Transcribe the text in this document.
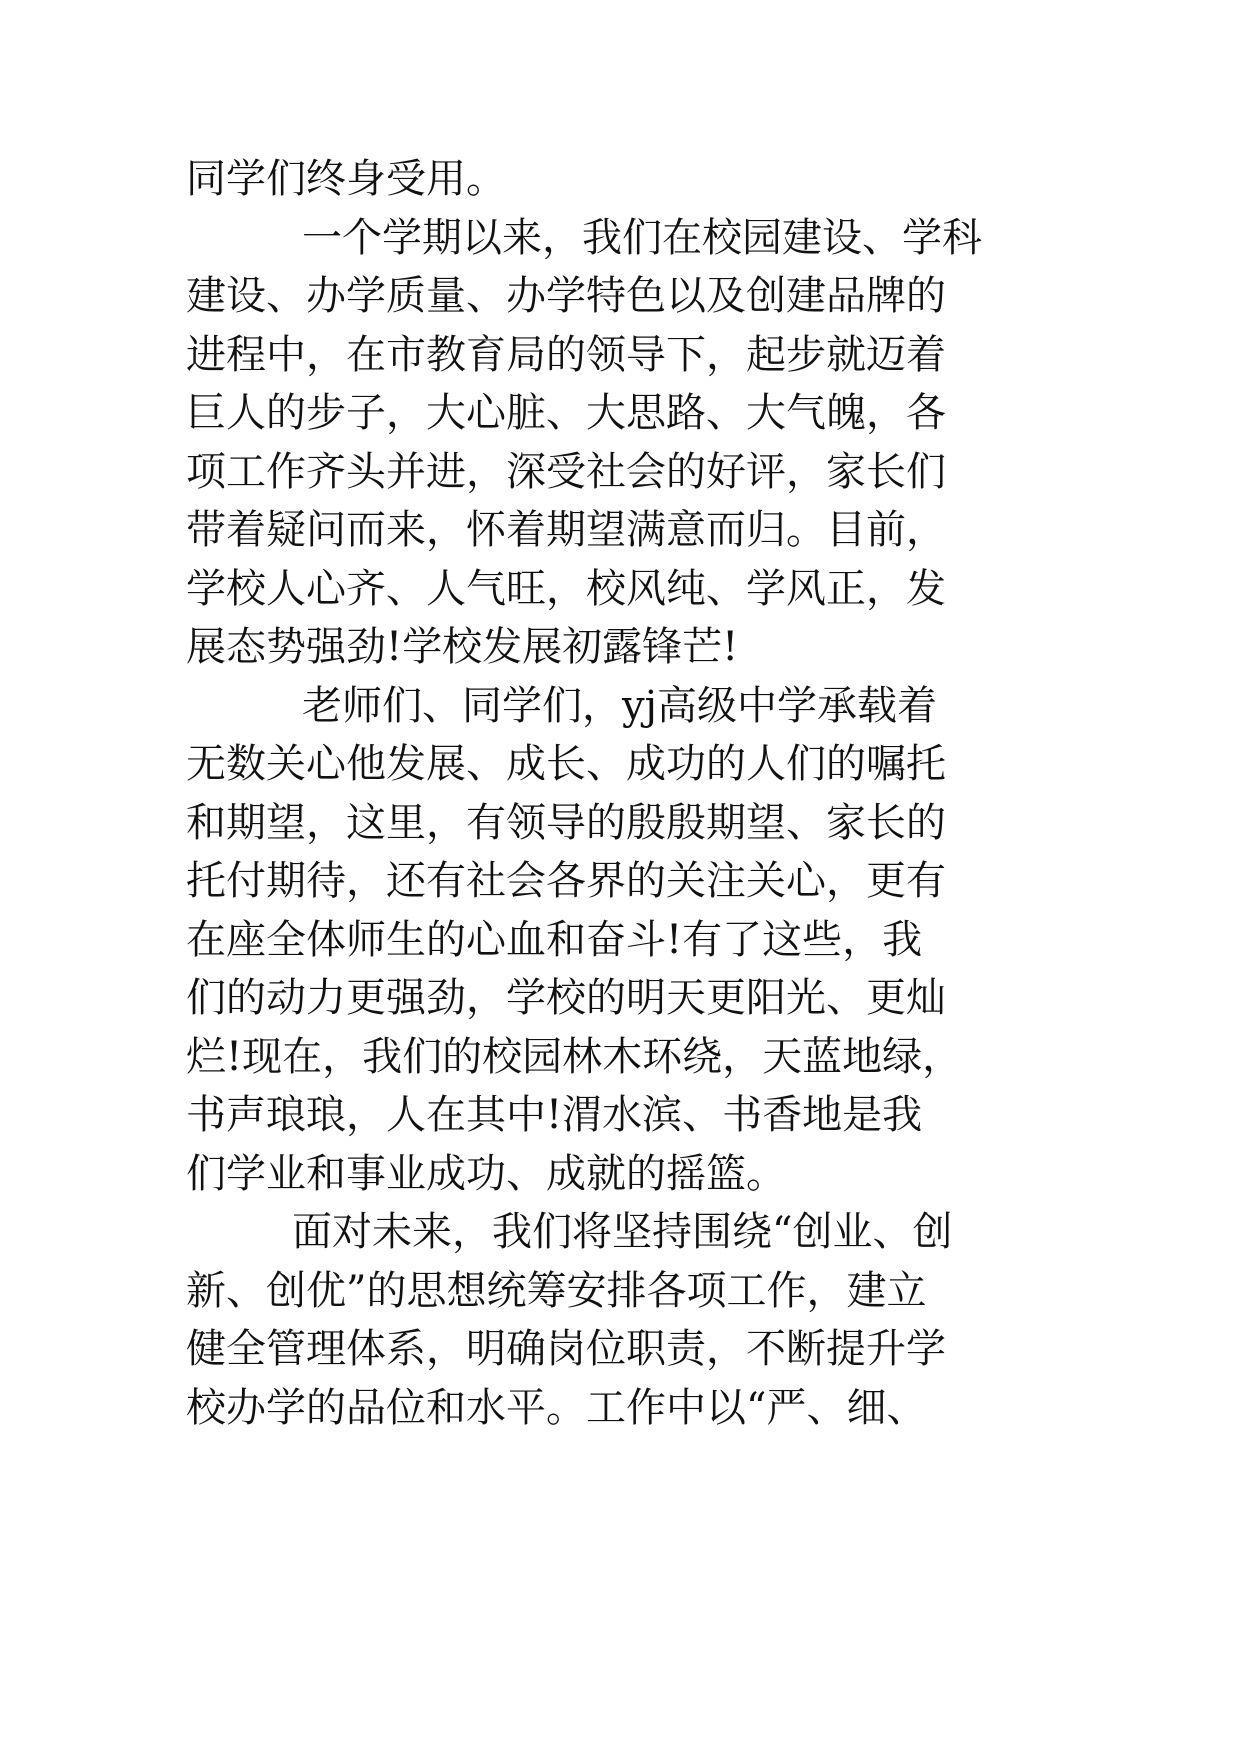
同学们终身受用。
一个学期以来，我们在校园建设、学科
建设、办学质量、办学特色以及创建品牌的
进程中，在市教育局的领导下，起步就迈着
巨人的步子，大心脏、大思路、大气魄，各
项工作齐头并进，深受社会的好评，家长们
带着疑问而来，怀着期望满意而归。目前，
学校人心齐、人气旺，校风纯、学风正，发
展态势强劲!学校发展初露锋芒!
老师们、同学们，yj高级中学承载着
无数关心他发展、成长、成功的人们的嘱托
和期望，这里，有领导的殷殷期望、家长的
托付期待，还有社会各界的关注关心，更有
在座全体师生的心血和奋斗!有了这些，我
们的动力更强劲，学校的明天更阳光、更灿
烂!现在，我们的校园林木环绕，天蓝地绿，
书声琅琅，人在其中!渭水滨、书香地是我
们学业和事业成功、成就的摇篮。
面对未来，我们将坚持围绕“创业、创
新、创优”的思想统筹安排各项工作，建立
健全管理体系，明确岗位职责，不断提升学
校办学的品位和水平。工作中以“严、细、
